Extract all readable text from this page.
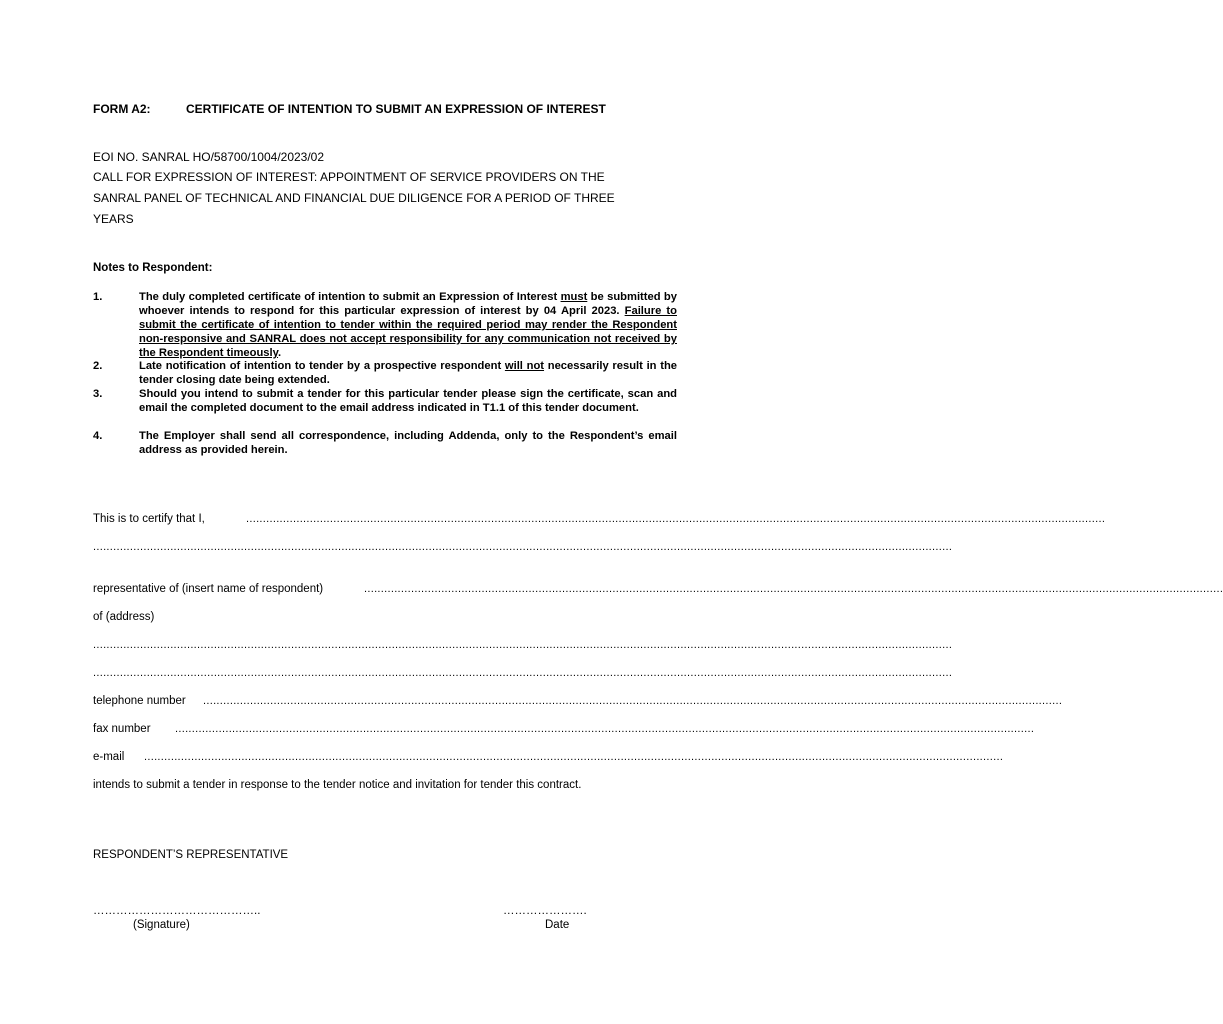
FORM A2:	CERTIFICATE OF INTENTION TO SUBMIT AN EXPRESSION OF INTEREST
EOI NO. SANRAL HO/58700/1004/2023/02
CALL FOR EXPRESSION OF INTEREST: APPOINTMENT OF SERVICE PROVIDERS ON THE
SANRAL PANEL OF TECHNICAL AND FINANCIAL DUE DILIGENCE FOR A PERIOD OF THREE
YEARS
Notes to Respondent:
1.	The duly completed certificate of intention to submit an Expression of Interest must be submitted by whoever intends to respond for this particular expression of interest by 04 April 2023. Failure to submit the certificate of intention to tender within the required period may render the Respondent non-responsive and SANRAL does not accept responsibility for any communication not received by the Respondent timeously.
2.	Late notification of intention to tender by a prospective respondent will not necessarily result in the tender closing date being extended.
3.	Should you intend to submit a tender for this particular tender please sign the certificate, scan and email the completed document to the email address indicated in T1.1 of this tender document.
4.	The Employer shall send all correspondence, including Addenda, only to the Respondent’s email address as provided herein.
This is to certify that I,	................................................................................................................................................................................................................................................................
................................................................................................................................................................................................................................................................
representative of (insert name of respondent)	................................................................................................................................................................................................................................................................
of (address)
................................................................................................................................................................................................................................................................
................................................................................................................................................................................................................................................................
telephone number ................................................................................................................................................................................................................................................................
fax number ................................................................................................................................................................................................................................................................
e-mail ................................................................................................................................................................................................................................................................
intends to submit a tender in response to the tender notice and invitation for tender this contract.
RESPONDENT’S REPRESENTATIVE
……………………………………..
(Signature)
………………….
Date
